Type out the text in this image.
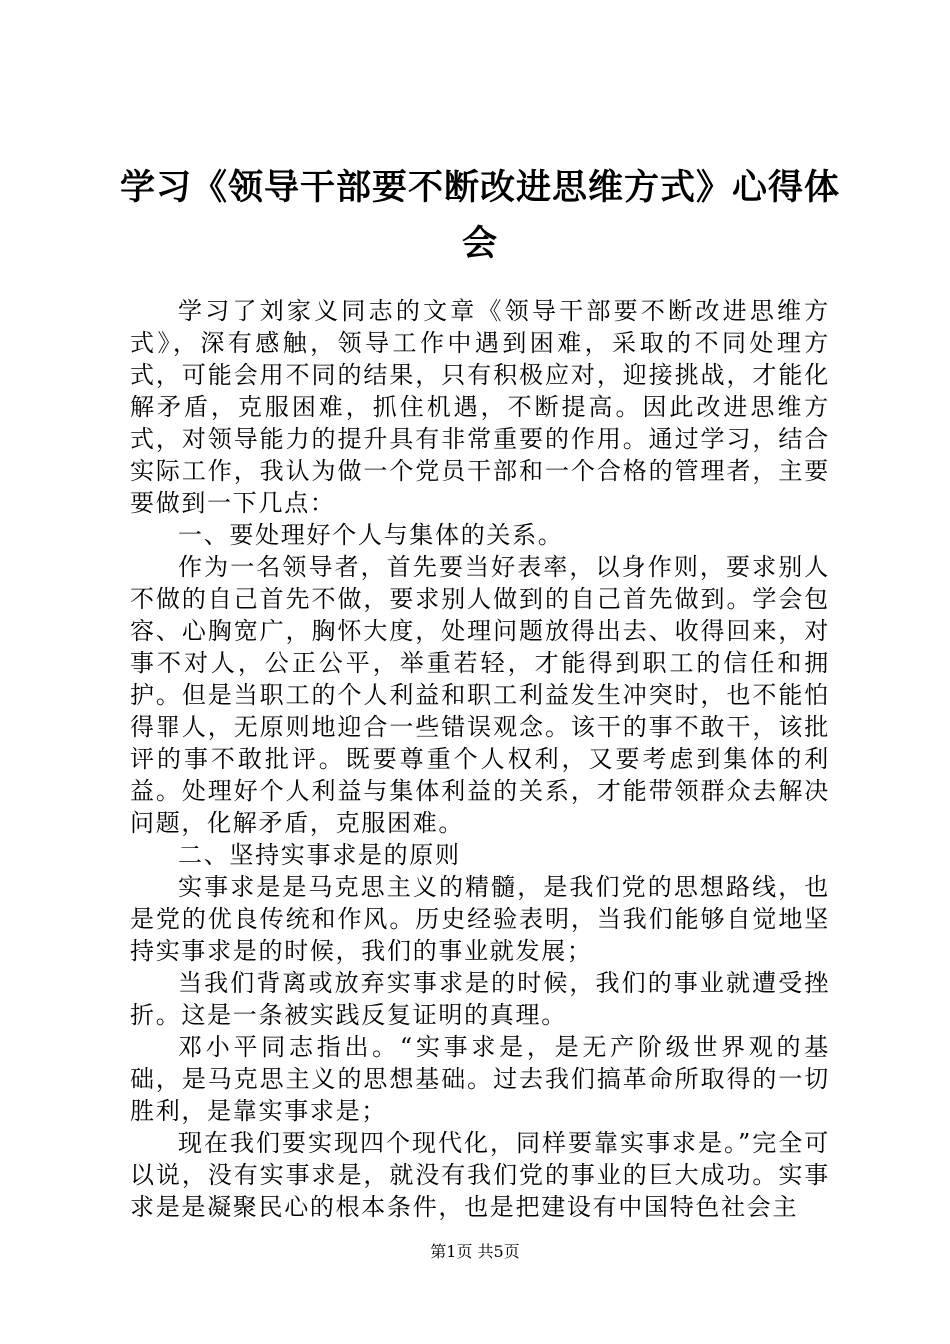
学习《领导干部要不断改进思维方式》心得体会

学习了刘家义同志的文章《领导干部要不断改进思维方式》，深有感触，领导工作中遇到困难，采取的不同处理方式，可能会用不同的结果，只有积极应对，迎接挑战，才能化解矛盾，克服困难，抓住机遇，不断提高。因此改进思维方式，对领导能力的提升具有非常重要的作用。通过学习，结合实际工作，我认为做一个党员干部和一个合格的管理者，主要要做到一下几点：

一、要处理好个人与集体的关系。

作为一名领导者，首先要当好表率，以身作则，要求别人不做的自己首先不做，要求别人做到的自己首先做到。学会包容、心胸宽广，胸怀大度，处理问题放得出去、收得回来，对事不对人，公正公平，举重若轻，才能得到职工的信任和拥护。但是当职工的个人利益和职工利益发生冲突时，也不能怕得罪人，无原则地迎合一些错误观念。该干的事不敢干，该批评的事不敢批评。既要尊重个人权利，又要考虑到集体的利益。处理好个人利益与集体利益的关系，才能带领群众去解决问题，化解矛盾，克服困难。

二、坚持实事求是的原则

实事求是是马克思主义的精髓，是我们党的思想路线，也是党的优良传统和作风。历史经验表明，当我们能够自觉地坚持实事求是的时候，我们的事业就发展；

当我们背离或放弃实事求是的时候，我们的事业就遭受挫折。这是一条被实践反复证明的真理。

邓小平同志指出。“实事求是，是无产阶级世界观的基础，是马克思主义的思想基础。过去我们搞革命所取得的一切胜利，是靠实事求是；

现在我们要实现四个现代化，同样要靠实事求是。”完全可以说，没有实事求是，就没有我们党的事业的巨大成功。实事求是是凝聚民心的根本条件，也是把建设有中国特色社会主

第1页 共5页
